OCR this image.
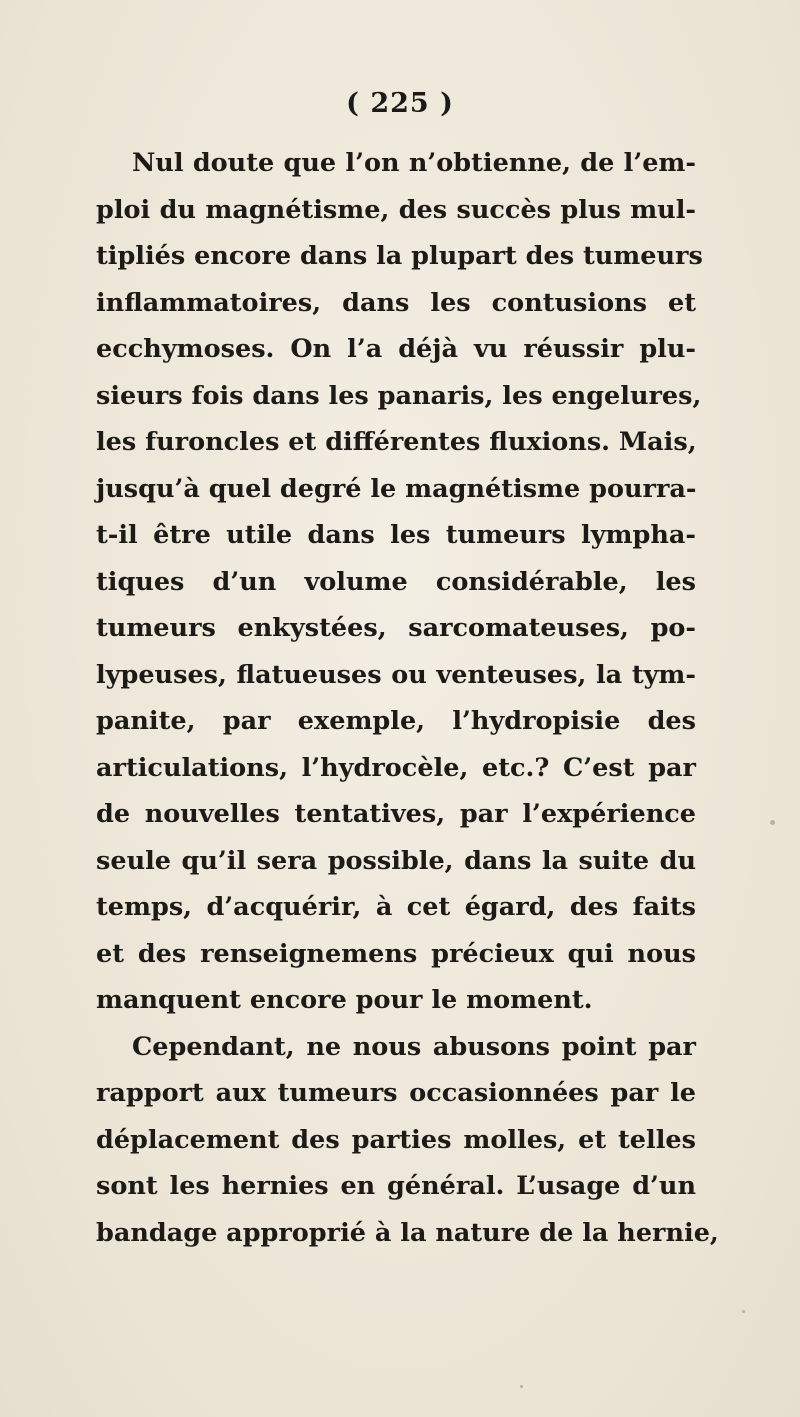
( 225 )
Nul doute que l’on n’obtienne, de l’em-
ploi du magnétisme, des succès plus mul-
tipliés encore dans la plupart des tumeurs
inflammatoires, dans les contusions et
ecchymoses. On l’a déjà vu réussir plu-
sieurs fois dans les panaris, les engelures,
les furoncles et différentes fluxions. Mais,
jusqu’à quel degré le magnétisme pourra-
t-il être utile dans les tumeurs lympha-
tiques d’un volume considérable, les
tumeurs enkystées, sarcomateuses, po-
lypeuses, flatueuses ou venteuses, la tym-
panite, par exemple, l’hydropisie des
articulations, l’hydrocèle, etc.? C’est par
de nouvelles tentatives, par l’expérience
seule qu’il sera possible, dans la suite du
temps, d’acquérir, à cet égard, des faits
et des renseignemens précieux qui nous
manquent encore pour le moment.
Cependant, ne nous abusons point par
rapport aux tumeurs occasionnées par le
déplacement des parties molles, et telles
sont les hernies en général. L’usage d’un
bandage approprié à la nature de la hernie,
